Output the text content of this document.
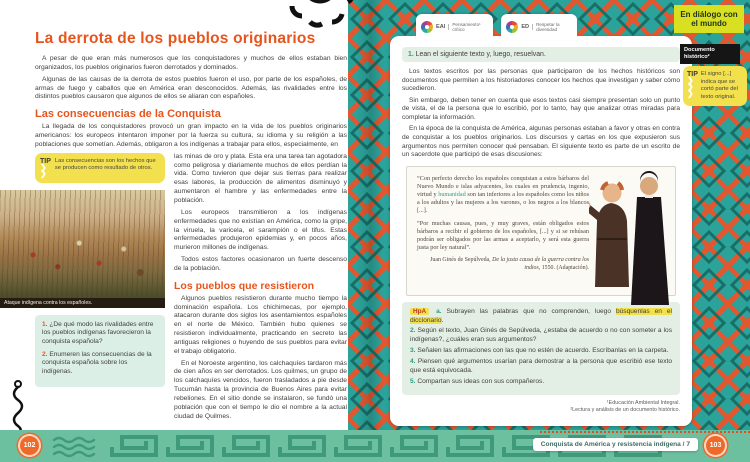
La derrota de los pueblos originarios

A pesar de que eran más numerosos que los conquistadores y muchos de ellos estaban bien organizados, los pueblos originarios fueron derrotados y dominados.

Algunas de las causas de la derrota de estos pueblos fueron el uso, por parte de los españoles, de armas de fuego y caballos que en América eran desconocidos. Además, las rivalidades entre los distintos pueblos causaron que algunos de ellos se aliaran con españoles.

Las consecuencias de la Conquista

La llegada de los conquistadores provocó un gran impacto en la vida de los pueblos originarios americanos: los europeos intentaron imponer por la fuerza su cultura, su idioma y su religión a las poblaciones que sometían. Además, obligaron a los indígenas a trabajar para ellos, especialmente, en

TIP
❯
❯
Las consecuencias son los hechos que se producen como resultado de otros.
Ataque indígena contra los españoles.
1. ¿De qué modo las rivalidades entre los pueblos indígenas favorecieron la conquista española?
2. Enumeren las consecuencias de la conquista española sobre los indígenas.

las minas de oro y plata. Esta era una tarea tan agotadora como peligrosa y diariamente muchos de ellos perdían la vida. Como tuvieron que dejar sus tierras para realizar esas labores, la producción de alimentos disminuyó y aumentaron el hambre y las enfermedades entre la población.

Los europeos transmitieron a los indígenas enfermedades que no existían en América, como la gripe, la viruela, la varicela, el sarampión o el tifus. Estas enfermedades produjeron epidemias y, en pocos años, murieron millones de indígenas.

Todos estos factores ocasionaron un fuerte descenso de la población.

Los pueblos que resistieron

Algunos pueblos resistieron durante mucho tiempo la dominación española. Los chichimecas, por ejemplo, atacaron durante dos siglos los asentamientos españoles en el norte de México. También hubo quienes se resistieron individualmente, practicando en secreto las antiguas religiones o huyendo de sus pueblos para evitar el trabajo obligatorio.

En el Noroeste argentino, los calchaquíes tardaron más de cien años en ser derrotados. Los quilmes, un grupo de los calchaquíes vencidos, fueron trasladados a pie desde Tucumán hasta la provincia de Buenos Aires para evitar rebeliones. En el sitio donde se instalaron, se fundó una población que con el tiempo le dio el nombre a la actual ciudad de Quilmes.

EAI	Pensamiento¹ crítico	ED	Respetar la diversidad
En diálogo con el mundo
Documento histórico²
TIP
❯
❯
❯
El signo [...] indica que se cortó parte del texto original.
1. Lean el siguiente texto y, luego, resuelvan.

Los textos escritos por las personas que participaron de los hechos históricos son documentos que permiten a los historiadores conocer los hechos que investigan y saber cómo sucedieron.

Sin embargo, deben tener en cuenta que esos textos casi siempre presentan solo un punto de vista, el de la persona que lo escribió, por lo tanto, hay que analizar otras miradas para completar la información.

En la época de la conquista de América, algunas personas estaban a favor y otras en contra de conquistar a los pueblos originarios. Los discursos y cartas en los que expusieron sus argumentos nos permiten conocer qué pensaban. El siguiente texto es parte de un escrito de un sacerdote que participó de esas discusiones:

“Con perfecto derecho los españoles conquistan a estos bárbaros del Nuevo Mundo e islas adyacentes, los cuales en prudencia, ingenio, virtud y humanidad son tan inferiores a los españoles como los niños a los adultos y las mujeres a los varones, o los negros a los blancos [...].

“Por muchas causas, pues, y muy graves, están obligados estos bárbaros a recibir el gobierno de los españoles, [...] y si se rehúsan podrán ser obligados por las armas a aceptarlo, y será esta guerra justa por ley natural”.

Juan Ginés de Sepúlveda, De la justa causa de la guerra contra los indios, 1550. (Adaptación).
HpA a. Subrayen las palabras que no comprenden, luego búsquenlas en el diccionario.
2. Según el texto, Juan Ginés de Sepúlveda, ¿estaba de acuerdo o no con someter a los indígenas?, ¿cuáles eran sus argumentos?
3. Señalen las afirmaciones con las que no estén de acuerdo. Escríbanlas en la carpeta.
4. Piensen qué argumentos usarían para demostrar a la persona que escribió ese texto que está equivocada.
5. Compartan sus ideas con sus compañeros.
¹Educación Ambiental Integral.
²Lectura y análisis de un documento histórico.
Conquista de América y resistencia indígena / 7
102	103
